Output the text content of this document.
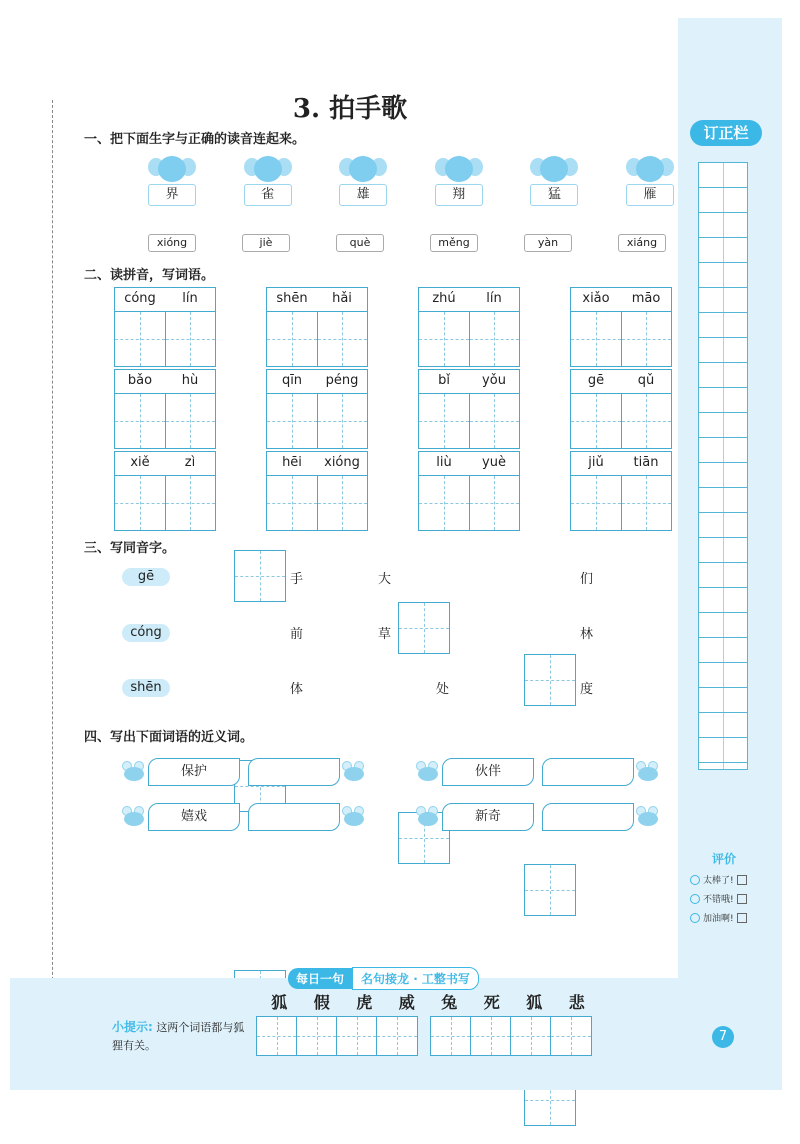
订正栏
评价
太棒了!
不错哦!
加油啊!
3. 拍手歌
一、把下面生字与正确的读音连起来。
界	雀	雄	翔	猛	雁
xióng	jiè	què	měng	yàn	xiáng
二、读拼音，写词语。
cóng	lín	shēn	hǎi	zhú	lín	xiǎo	māo
bǎo	hù	qīn	péng	bǐ	yǒu	gē	qǔ
xiě	zì	hēi	xióng	liù	yuè	jiǔ	tiān
三、写同音字。
gē	手	大	们
cóng	前	草	林
shēn	体	处	度
四、写出下面词语的近义词。
保护	伙伴
嬉戏	新奇
每日一句	名句接龙 · 工整书写
狐 假 虎 威 兔 死 狐 悲
小提示: 这两个词语都与狐狸有关。
7
